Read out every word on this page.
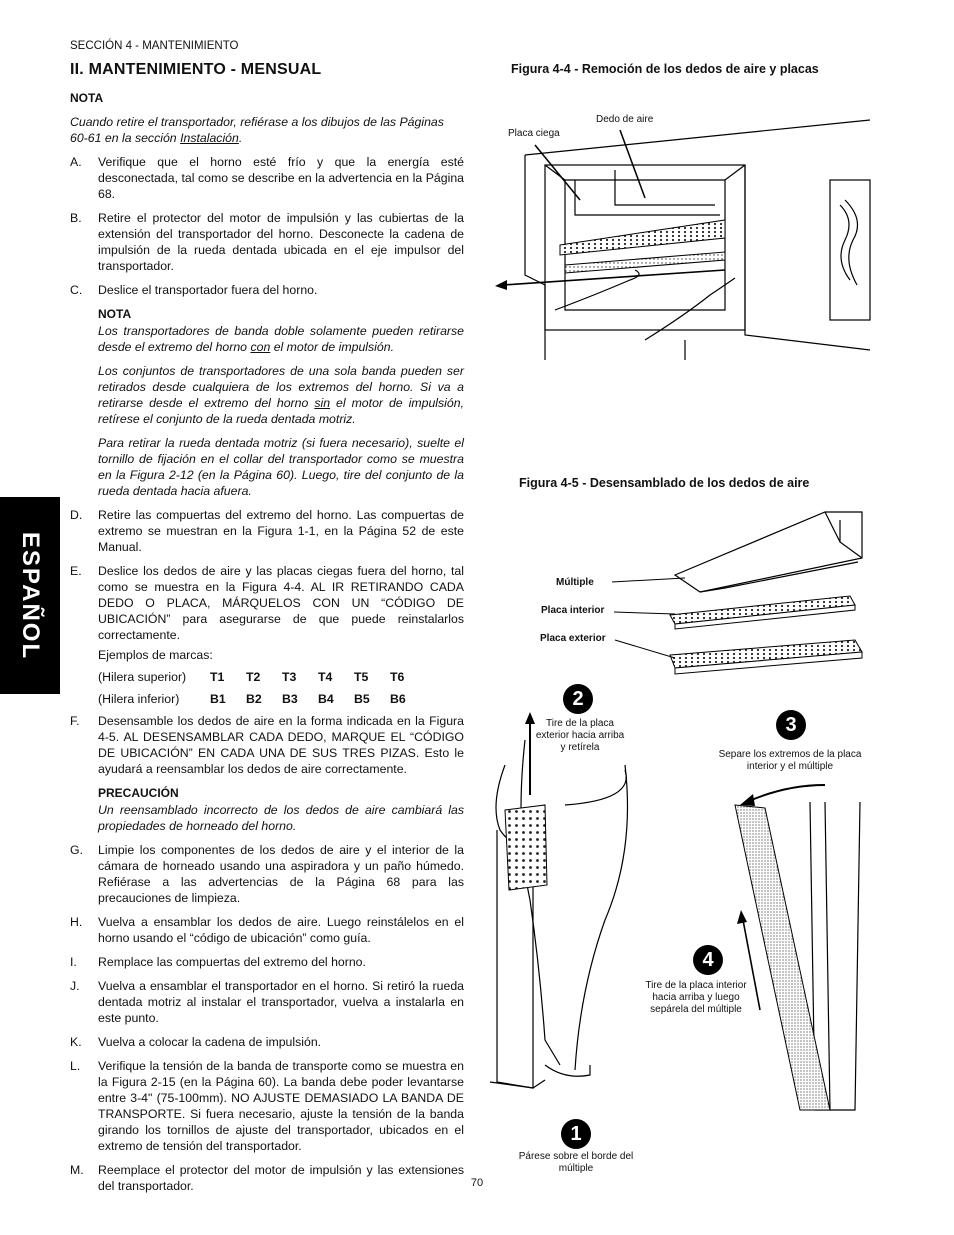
SECCIÓN 4 - MANTENIMIENTO
II. MANTENIMIENTO - MENSUAL
NOTA
Cuando retire el transportador, refiérase a los dibujos de las Páginas 60-61 en la sección Instalación.
A.	Verifique que el horno esté frío y que la energía esté desconectada, tal como se describe en la advertencia en la Página 68.
B.	Retire el protector del motor de impulsión y las cubiertas de la extensión del transportador del horno. Desconecte la cadena de impulsión de la rueda dentada ubicada en el eje impulsor del transportador.
C.	Deslice el transportador fuera del horno.
NOTA
Los transportadores de banda doble solamente pueden retirarse desde el extremo del horno con el motor de impulsión.
Los conjuntos de transportadores de una sola banda pueden ser retirados desde cualquiera de los extremos del horno. Si va a retirarse desde el extremo del horno sin el motor de impulsión, retírese el conjunto de la rueda dentada motriz.
Para retirar la rueda dentada motriz (si fuera necesario), suelte el tornillo de fijación en el collar del transportador como se muestra en la Figura 2-12 (en la Página 60). Luego, tire del conjunto de la rueda dentada hacia afuera.
D.	Retire las compuertas del extremo del horno. Las compuertas de extremo se muestran en la Figura 1-1, en la Página 52 de este Manual.
E.	Deslice los dedos de aire y las placas ciegas fuera del horno, tal como se muestra en la Figura 4-4. AL IR RETIRANDO CADA DEDO O PLACA, MÁRQUELOS CON UN “CÓDIGO DE UBICACIÓN” para asegurarse de que puede reinstalarlos correctamente.
Ejemplos de marcas:
(Hilera superior)	T1	T2	T3	T4	T5	T6
(Hilera inferior)	B1	B2	B3	B4	B5	B6
F.	Desensamble los dedos de aire en la forma indicada en la Figura 4-5. AL DESENSAMBLAR CADA DEDO, MARQUE EL “CÓDIGO DE UBICACIÓN” EN CADA UNA DE SUS TRES PIZAS. Esto le ayudará a reensamblar los dedos de aire correctamente.
PRECAUCIÓN
Un reensamblado incorrecto de los dedos de aire cambiará las propiedades de horneado del horno.
G.	Limpie los componentes de los dedos de aire y el interior de la cámara de horneado usando una aspiradora y un paño húmedo. Refiérase a las advertencias de la Página 68 para las precauciones de limpieza.
H.	Vuelva a ensamblar los dedos de aire. Luego reinstálelos en el horno usando el “código de ubicación” como guía.
I.	Remplace las compuertas del extremo del horno.
J.	Vuelva a ensamblar el transportador en el horno. Si retiró la rueda dentada motriz al instalar el transportador, vuelva a instalarla en este punto.
K.	Vuelva a colocar la cadena de impulsión.
L.	Verifique la tensión de la banda de transporte como se muestra en la Figura 2-15 (en la Página 60). La banda debe poder levantarse entre 3-4" (75-100mm). NO AJUSTE DEMASIADO LA BANDA DE TRANSPORTE. Si fuera necesario, ajuste la tensión de la banda girando los tornillos de ajuste del transportador, ubicados en el extremo de tensión del transportador.
M.	Reemplace el protector del motor de impulsión y las extensiones del transportador.
ESPAÑOL
Figura 4-4 - Remoción de los dedos de aire y placas
Dedo de aire
Placa ciega
Figura 4-5 - Desensamblado de los dedos de aire
Múltiple
Placa interior
Placa exterior
2
Tire de la placa exterior hacia arriba y retírela
3
Separe los extremos de la placa interior y el múltiple
4
Tire de la placa interior hacia arriba y luego sepárela del múltiple
1
Párese sobre el borde del múltiple
70
